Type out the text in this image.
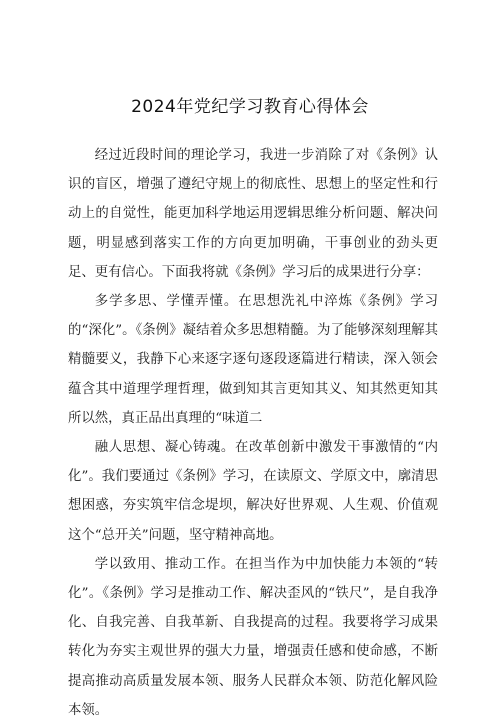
2024年党纪学习教育心得体会

经过近段时间的理论学习，我进一步消除了对《条例》认识的盲区，增强了遵纪守规上的彻底性、思想上的坚定性和行动上的自觉性，能更加科学地运用逻辑思维分析问题、解决问题，明显感到落实工作的方向更加明确，干事创业的劲头更足、更有信心。下面我将就《条例》学习后的成果进行分享：

多学多思、学懂弄懂。在思想洗礼中淬炼《条例》学习的“深化”。《条例》凝结着众多思想精髓。为了能够深刻理解其精髓要义，我静下心来逐字逐句逐段逐篇进行精读，深入领会蕴含其中道理学理哲理，做到知其言更知其义、知其然更知其所以然，真正品出真理的“味道二

融人思想、凝心铸魂。在改革创新中激发干事激情的“内化”。我们要通过《条例》学习，在读原文、学原文中，廓清思想困惑，夯实筑牢信念堤坝，解决好世界观、人生观、价值观这个“总开关”问题，坚守精神高地。

学以致用、推动工作。在担当作为中加快能力本领的“转化”。《条例》学习是推动工作、解决歪风的“铁尺”，是自我净化、自我完善、自我革新、自我提高的过程。我要将学习成果转化为夯实主观世界的强大力量，增强责任感和使命感，不断提高推动高质量发展本领、服务人民群众本领、防范化解风险本领。
